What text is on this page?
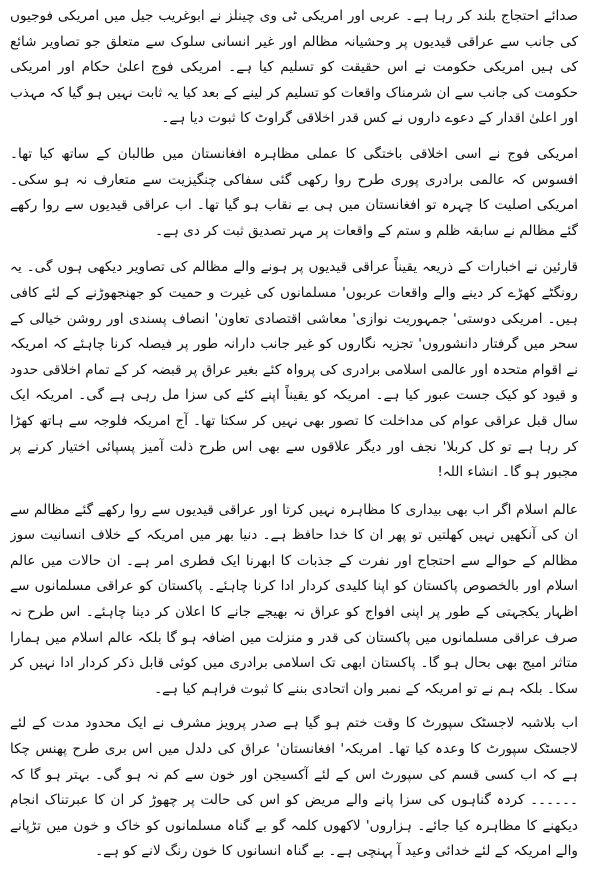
صدائے احتجاج بلند کر رہا ہے۔ عربی اور امریکی ٹی وی چینلز نے ابوغریب جیل میں امریکی فوجیوں کی جانب سے عراقی قیدیوں پر وحشیانہ مظالم اور غیر انسانی سلوک سے متعلق جو تصاویر شائع کی ہیں امریکی حکومت نے اس حقیقت کو تسلیم کیا ہے۔ امریکی فوج اعلیٰ حکام اور امریکی حکومت کی جانب سے ان شرمناک واقعات کو تسلیم کر لینے کے بعد کیا یہ ثابت نہیں ہو گیا کہ مہذب اور اعلیٰ اقدار کے دعوے داروں نے کس قدر اخلاقی گراوٹ کا ثبوت دیا ہے۔

امریکی فوج نے اسی اخلاقی باختگی کا عملی مظاہرہ افغانستان میں طالبان کے ساتھ کیا تھا۔ افسوس کہ عالمی برادری پوری طرح روا رکھی گئی سفاکی چنگیزیت سے متعارف نہ ہو سکی۔ امریکی اصلیت کا چہرہ تو افغانستان میں ہی بے نقاب ہو گیا تھا۔ اب عراقی قیدیوں سے روا رکھے گئے مظالم نے سابقہ ظلم و ستم کے واقعات پر مہر تصدیق ثبت کر دی ہے۔

قارئین نے اخبارات کے ذریعہ یقیناً عراقی قیدیوں پر ہونے والے مظالم کی تصاویر دیکھی ہوں گی۔ یہ رونگٹے کھڑے کر دینے والے واقعات عربوں' مسلمانوں کی غیرت و حمیت کو جھنجھوڑنے کے لئے کافی ہیں۔ امریکی دوستی' جمہوریت نوازی' معاشی اقتصادی تعاون' انصاف پسندی اور روشن خیالی کے سحر میں گرفتار دانشوروں' تجزیہ نگاروں کو غیر جانب دارانہ طور پر فیصلہ کرنا چاہئے کہ امریکہ نے اقوام متحدہ اور عالمی اسلامی برادری کی پرواہ کئے بغیر عراق پر قبضہ کر کے تمام اخلاقی حدود و قیود کو کیک جست عبور کیا ہے۔ امریکہ کو یقیناً اپنے کئے کی سزا مل رہی ہے گی۔ امریکہ ایک سال قبل عراقی عوام کی مداخلت کا تصور بھی نہیں کر سکتا تھا۔ آج امریکہ فلوجہ سے ہاتھ کھڑا کر رہا ہے تو کل کربلا' نجف اور دیگر علاقوں سے بھی اس طرح ذلت آمیز پسپائی اختیار کرنے پر مجبور ہو گا۔ انشاء اللہ!

عالم اسلام اگر اب بھی بیداری کا مظاہرہ نہیں کرتا اور عراقی قیدیوں سے روا رکھے گئے مظالم سے ان کی آنکھیں نہیں کھلتیں تو پھر ان کا خدا حافظ ہے۔ دنیا بھر میں امریکہ کے خلاف انسانیت سوز مظالم کے حوالے سے احتجاج اور نفرت کے جذبات کا ابھرنا ایک فطری امر ہے۔ ان حالات میں عالم اسلام اور بالخصوص پاکستان کو اپنا کلیدی کردار ادا کرنا چاہئے۔ پاکستان کو عراقی مسلمانوں سے اظہار یکجہتی کے طور پر اپنی افواج کو عراق نہ بھیجے جانے کا اعلان کر دینا چاہئے۔ اس طرح نہ صرف عراقی مسلمانوں میں پاکستان کی قدر و منزلت میں اضافہ ہو گا بلکہ عالم اسلام میں ہمارا متاثر امیج بھی بحال ہو گا۔ پاکستان ابھی تک اسلامی برادری میں کوئی قابل ذکر کردار ادا نہیں کر سکا۔ بلکہ ہم نے تو امریکہ کے نمبر وان اتحادی بننے کا ثبوت فراہم کیا ہے۔

اب بلاشبہ لاجسٹک سپورٹ کا وقت ختم ہو گیا ہے صدر پرویز مشرف نے ایک محدود مدت کے لئے لاجسٹک سپورٹ کا وعدہ کیا تھا۔ امریکہ' افغانستان' عراق کی دلدل میں اس بری طرح پھنس چکا ہے کہ اب کسی قسم کی سپورٹ اس کے لئے آکسیجن اور خون سے کم نہ ہو گی۔ بہتر ہو گا کہ ۔۔۔۔۔۔ کردہ گناہوں کی سزا پانے والے مریض کو اس کی حالت پر چھوڑ کر ان کا عبرتناک انجام دیکھنے کا مظاہرہ کیا جائے۔ ہزاروں' لاکھوں کلمہ گو بے گناہ مسلمانوں کو خاک و خون میں تڑپانے والے امریکہ کے لئے خدائی وعید آ پہنچی ہے۔ بے گناہ انسانوں کا خون رنگ لانے کو ہے۔
